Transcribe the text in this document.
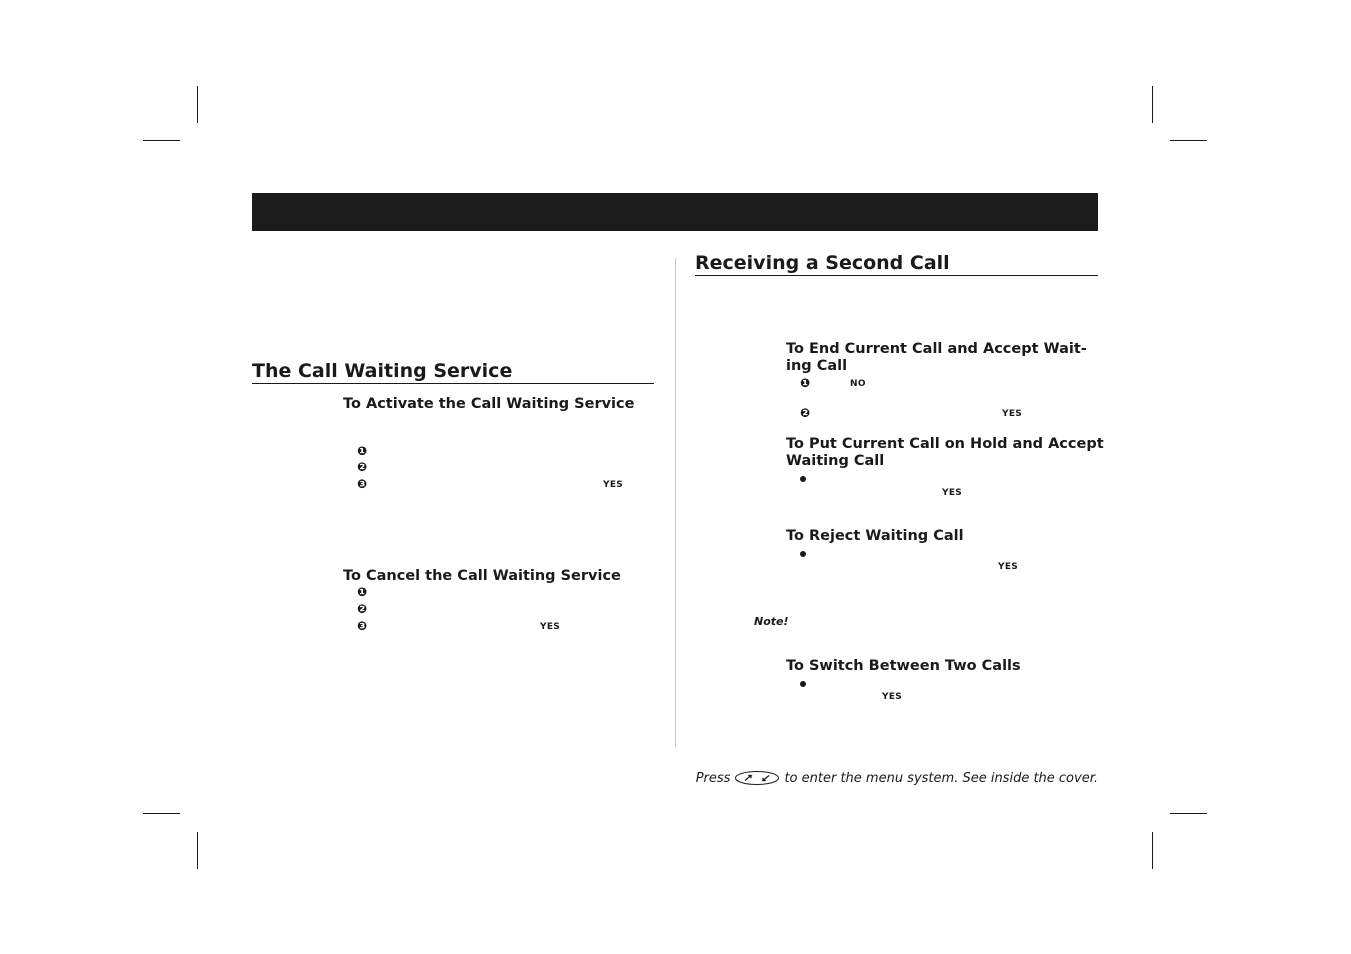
The Call Waiting Service
To Activate the Call Waiting Service
❶
❷
❸	YES
To Cancel the Call Waiting Service
❶
❷
❸	YES
Receiving a Second Call
To End Current Call and Accept Wait-
ing Call
❶	NO
❷	YES
To Put Current Call on Hold and Accept
Waiting Call
YES
To Reject Waiting Call
YES
Note!
To Switch Between Two Calls
YES
Press	to enter the menu system. See inside the cover.
